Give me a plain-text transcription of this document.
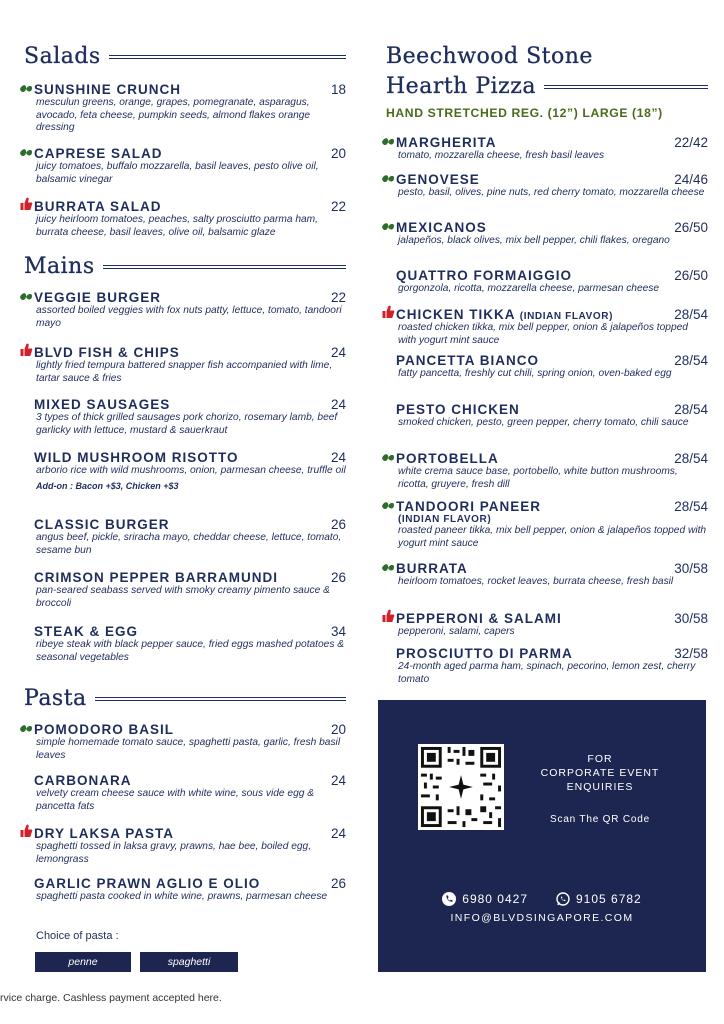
Salads
SUNSHINE CRUNCH	18
mesculun greens, orange, grapes, pomegranate, asparagus, avocado, feta cheese, pumpkin seeds, almond flakes orange dressing
CAPRESE SALAD	20
juicy tomatoes, buffalo mozzarella, basil leaves, pesto olive oil, balsamic vinegar
BURRATA SALAD	22
juicy heirloom tomatoes, peaches, salty prosciutto parma ham, burrata cheese, basil leaves, olive oil, balsamic glaze
Mains
VEGGIE BURGER	22
assorted boiled veggies with fox nuts patty, lettuce, tomato, tandoori mayo
BLVD FISH & CHIPS	24
lightly fried tempura battered snapper fish accompanied with lime, tartar sauce & fries
MIXED SAUSAGES	24
3 types of thick grilled sausages pork chorizo, rosemary lamb, beef garlicky with lettuce, mustard & sauerkraut
WILD MUSHROOM RISOTTO	24
arborio rice with wild mushrooms, onion, parmesan cheese, truffle oil
Add-on : Bacon +$3, Chicken +$3
CLASSIC BURGER	26
angus beef, pickle, sriracha mayo, cheddar cheese, lettuce, tomato, sesame bun
CRIMSON PEPPER BARRAMUNDI	26
pan-seared seabass served with smoky creamy pimento sauce & broccoli
STEAK & EGG	34
ribeye steak with black pepper sauce, fried eggs mashed potatoes & seasonal vegetables
Pasta
POMODORO BASIL	20
simple homemade tomato sauce, spaghetti pasta, garlic, fresh basil leaves
CARBONARA	24
velvety cream cheese sauce with white wine, sous vide egg & pancetta fats
DRY LAKSA PASTA	24
spaghetti tossed in laksa gravy, prawns, hae bee, boiled egg, lemongrass
GARLIC PRAWN AGLIO E OLIO	26
spaghetti pasta cooked in white wine, prawns, parmesan cheese
Choice of pasta :
penne	spaghetti
rvice charge. Cashless payment accepted here.
Beechwood Stone
Hearth Pizza
HAND STRETCHED REG. (12”) LARGE (18”)
MARGHERITA	22/42
tomato, mozzarella cheese, fresh basil leaves
GENOVESE	24/46
pesto, basil, olives, pine nuts, red cherry tomato, mozzarella cheese
MEXICANOS	26/50
jalapeños, black olives, mix bell pepper, chili flakes, oregano
QUATTRO FORMAIGGIO	26/50
gorgonzola, ricotta, mozzarella cheese, parmesan cheese
CHICKEN TIKKA (INDIAN FLAVOR)	28/54
roasted chicken tikka, mix bell pepper, onion & jalapeños topped with yogurt mint sauce
PANCETTA BIANCO	28/54
fatty pancetta, freshly cut chili, spring onion, oven-baked egg
PESTO CHICKEN	28/54
smoked chicken, pesto, green pepper, cherry tomato, chili sauce
PORTOBELLA	28/54
white crema sauce base, portobello, white button mushrooms, ricotta, gruyere, fresh dill
TANDOORI PANEER	28/54
(INDIAN FLAVOR)
roasted paneer tikka, mix bell pepper, onion & jalapeños topped with yogurt mint sauce
BURRATA	30/58
heirloom tomatoes, rocket leaves, burrata cheese, fresh basil
PEPPERONI & SALAMI	30/58
pepperoni, salami, capers
PROSCIUTTO DI PARMA	32/58
24-month aged parma ham, spinach, pecorino, lemon zest, cherry tomato
FOR
CORPORATE EVENT
ENQUIRIES
Scan The QR Code
6980 0427	9105 6782
INFO@BLVDSINGAPORE.COM
